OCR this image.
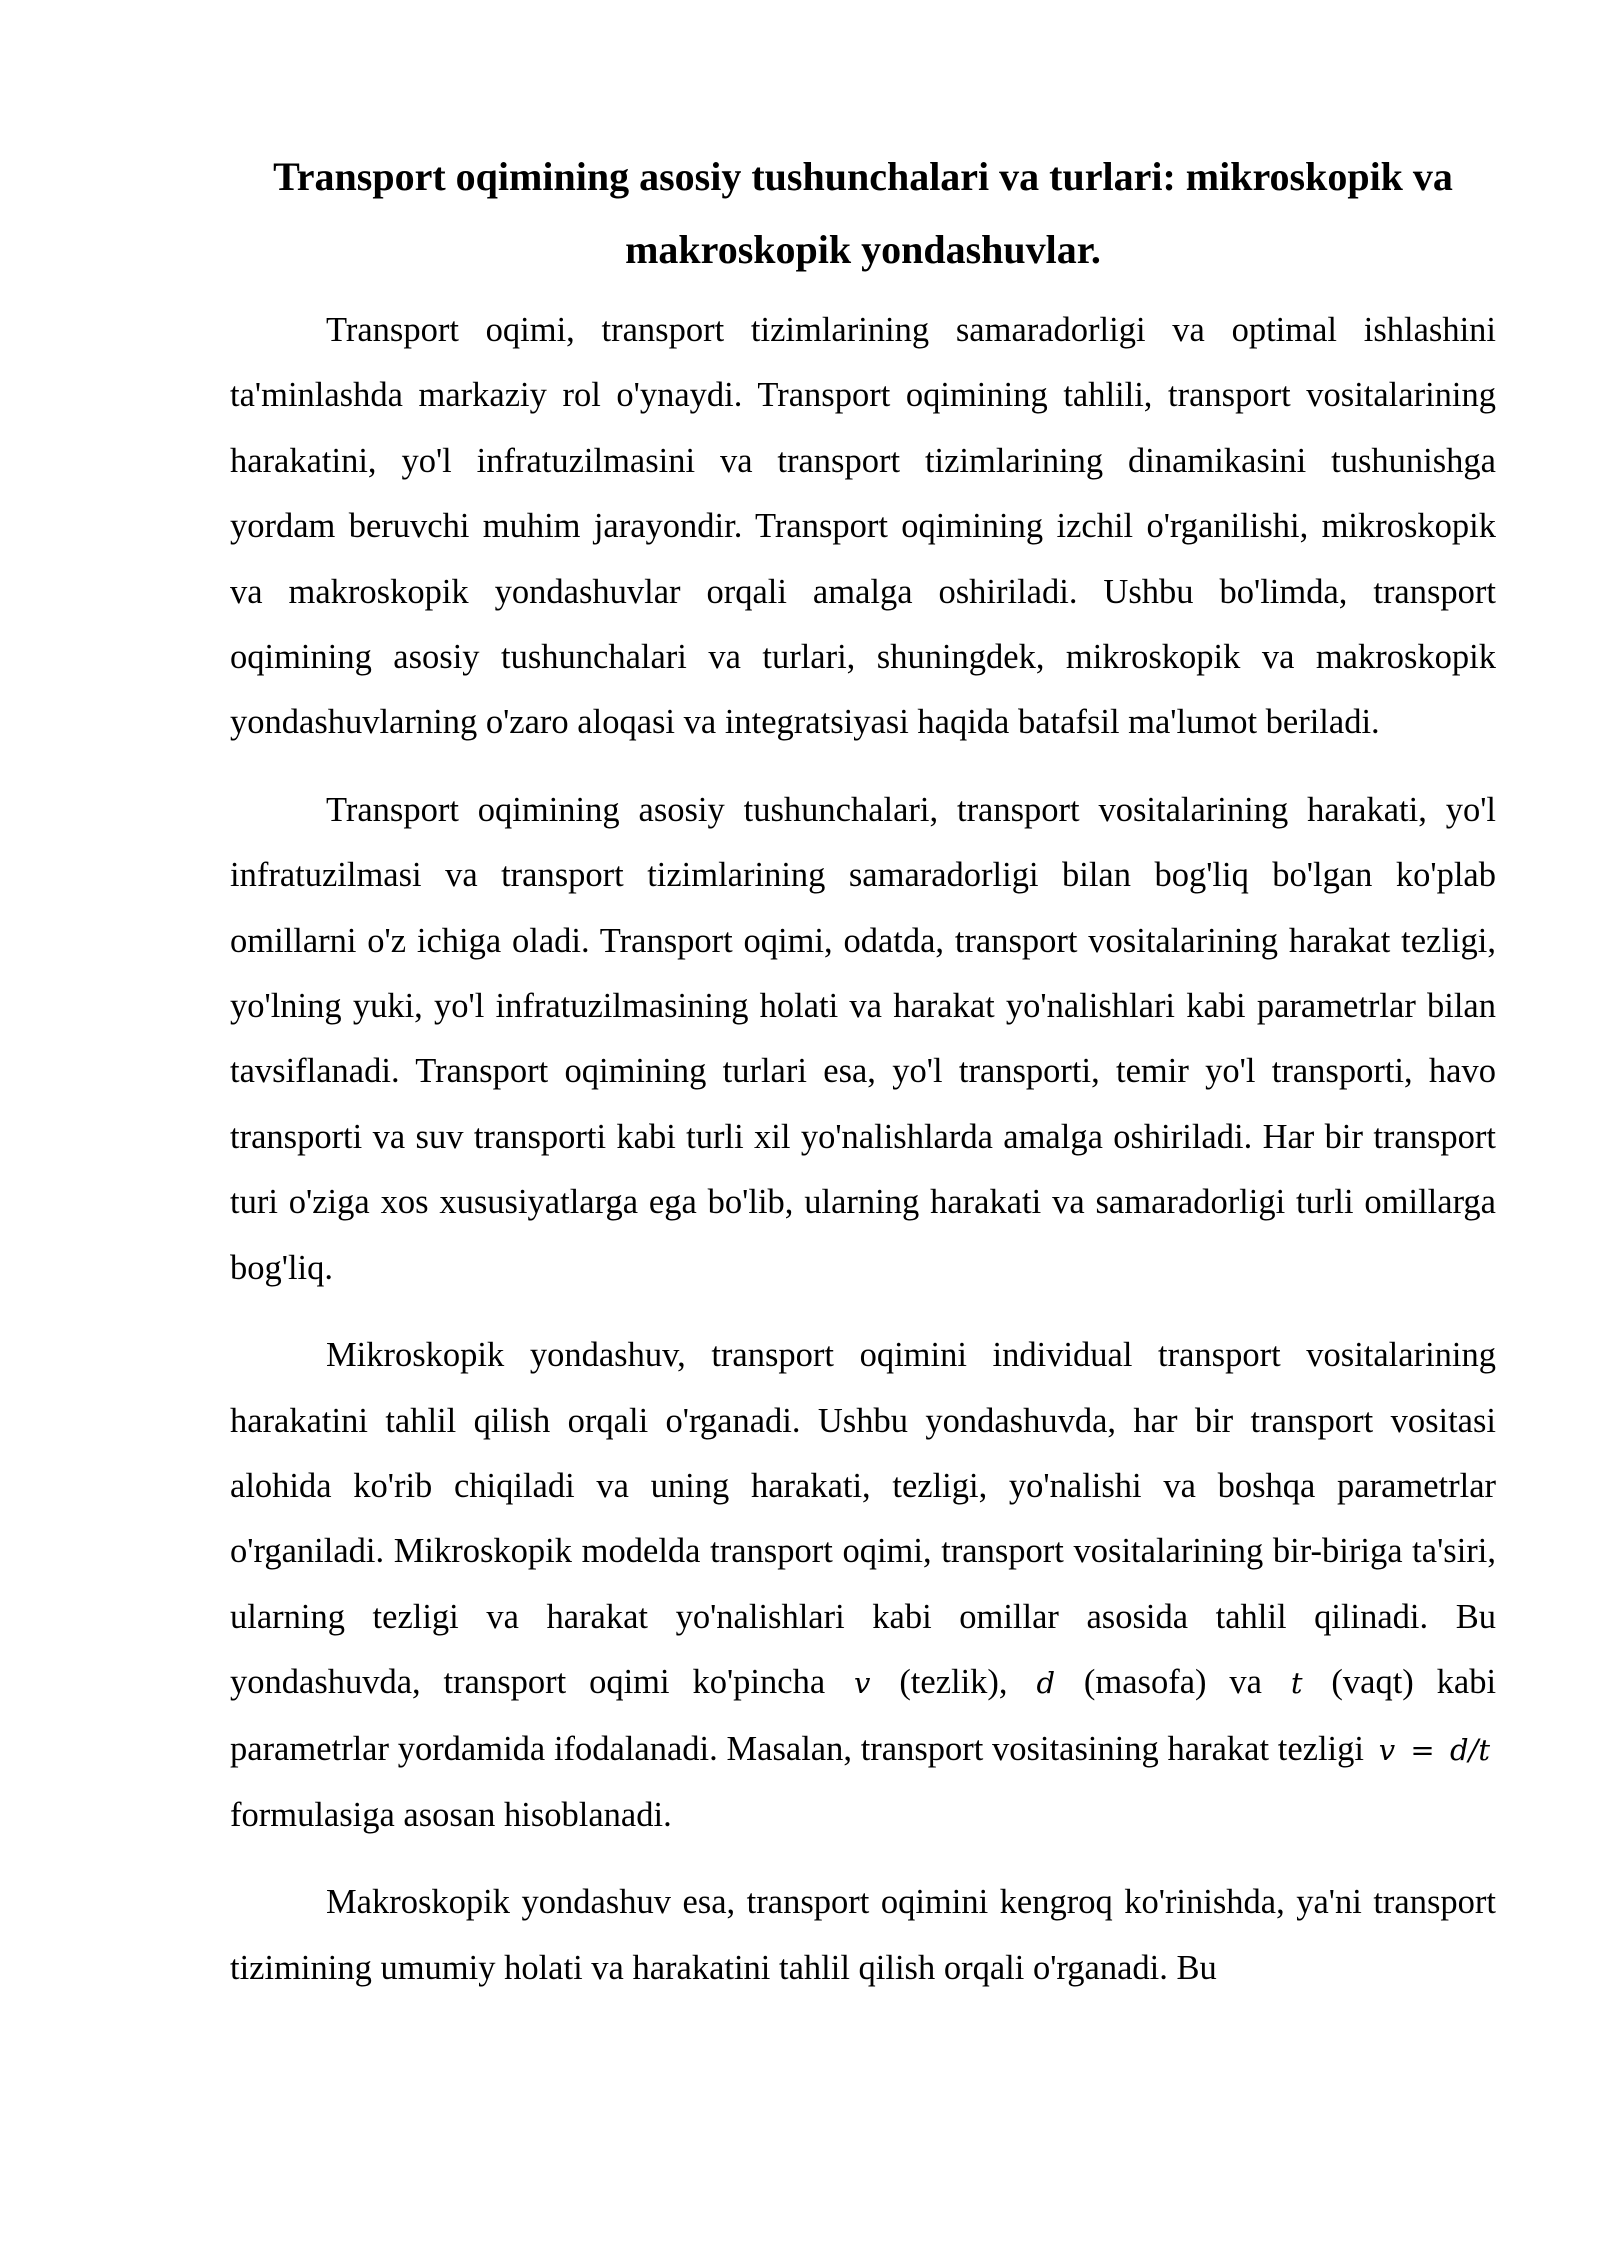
Transport oqimining asosiy tushunchalari va turlari: mikroskopik va makroskopik yondashuvlar.

Transport oqimi, transport tizimlarining samaradorligi va optimal ishlashini ta'minlashda markaziy rol o'ynaydi. Transport oqimining tahlili, transport vositalarining harakatini, yo'l infratuzilmasini va transport tizimlarining dinamikasini tushunishga yordam beruvchi muhim jarayondir. Transport oqimining izchil o'rganilishi, mikroskopik va makroskopik yondashuvlar orqali amalga oshiriladi. Ushbu bo'limda, transport oqimining asosiy tushunchalari va turlari, shuningdek, mikroskopik va makroskopik yondashuvlarning o'zaro aloqasi va integratsiyasi haqida batafsil ma'lumot beriladi.

Transport oqimining asosiy tushunchalari, transport vositalarining harakati, yo'l infratuzilmasi va transport tizimlarining samaradorligi bilan bog'liq bo'lgan ko'plab omillarni o'z ichiga oladi. Transport oqimi, odatda, transport vositalarining harakat tezligi, yo'lning yuki, yo'l infratuzilmasining holati va harakat yo'nalishlari kabi parametrlar bilan tavsiflanadi. Transport oqimining turlari esa, yo'l transporti, temir yo'l transporti, havo transporti va suv transporti kabi turli xil yo'nalishlarda amalga oshiriladi. Har bir transport turi o'ziga xos xususiyatlarga ega bo'lib, ularning harakati va samaradorligi turli omillarga bog'liq.

Mikroskopik yondashuv, transport oqimini individual transport vositalarining harakatini tahlil qilish orqali o'rganadi. Ushbu yondashuvda, har bir transport vositasi alohida ko'rib chiqiladi va uning harakati, tezligi, yo'nalishi va boshqa parametrlar o'rganiladi. Mikroskopik modelda transport oqimi, transport vositalarining bir-biriga ta'siri, ularning tezligi va harakat yo'nalishlari kabi omillar asosida tahlil qilinadi. Bu yondashuvda, transport oqimi ko'pincha v (tezlik), d (masofa) va t (vaqt) kabi parametrlar yordamida ifodalanadi. Masalan, transport vositasining harakat tezligi v = d/t formulasiga asosan hisoblanadi.

Makroskopik yondashuv esa, transport oqimini kengroq ko'rinishda, ya'ni transport tizimining umumiy holati va harakatini tahlil qilish orqali o'rganadi. Bu
